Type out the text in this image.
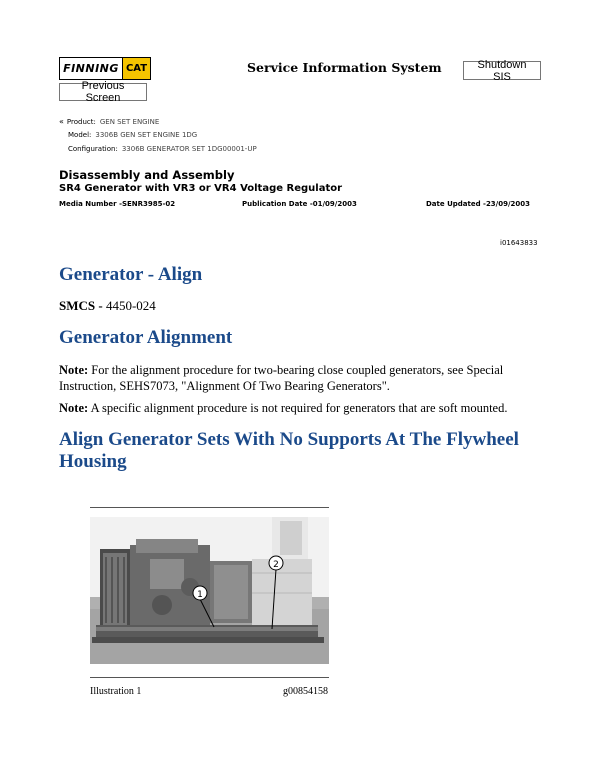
FINNING CAT	Service Information System	Shutdown SIS
Previous Screen
« Product: GEN SET ENGINE
Model: 3306B GEN SET ENGINE 1DG
Configuration: 3306B GENERATOR SET 1DG00001-UP
Disassembly and Assembly
SR4 Generator with VR3 or VR4 Voltage Regulator
Media Number -SENR3985-02	Publication Date -01/09/2003	Date Updated -23/09/2003
i01643833
Generator - Align
SMCS - 4450-024
Generator Alignment
Note: For the alignment procedure for two-bearing close coupled generators, see Special Instruction, SEHS7073, "Alignment Of Two Bearing Generators".
Note: A specific alignment procedure is not required for generators that are soft mounted.
Align Generator Sets With No Supports At The Flywheel Housing
1
2
Illustration 1	g00854158
